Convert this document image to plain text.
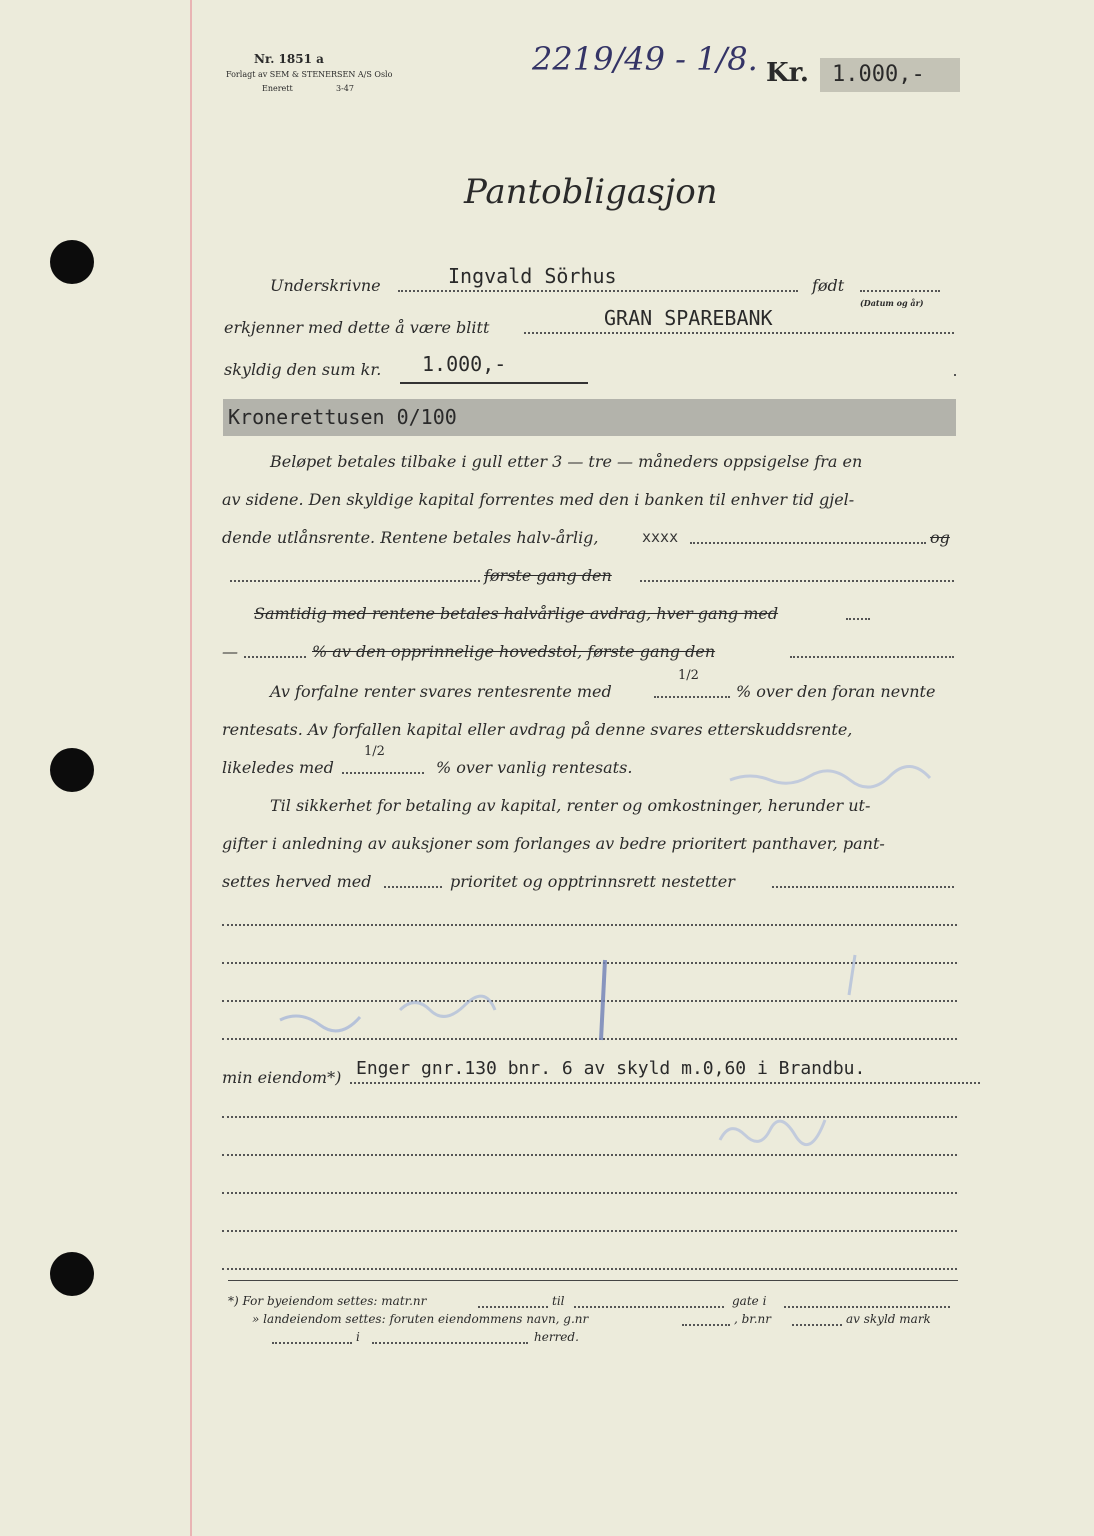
Nr. 1851 a
Forlagt av SEM & STENERSEN A/S Oslo
Enerett	3-47
2219/49 - 1/8. Kr.	1.000,-
Pantobligasjon
Underskrivne	Ingvald Sörhus	født
(Datum og år)
erkjenner med dette å være blitt	GRAN SPAREBANK
skyldig den sum kr. 1.000,-
Kronerettusen 0/100
Beløpet betales tilbake i gull etter 3 — tre — måneders oppsigelse fra en
av sidene. Den skyldige kapital forrentes med den i banken til enhver tid gjel-
dende utlånsrente. Rentene betales halv-årlig,	xxxx	og
første gang den
Samtidig med rentene betales halvårlige avdrag, hver gang med
—	% av den opprinnelige hovedstol, første gang den
Av forfalne renter svares rentesrente med
1/2
% over den foran nevnte
rentesats. Av forfallen kapital eller avdrag på denne svares etterskuddsrente,
likeledes med
1/2
% over vanlig rentesats.
Til sikkerhet for betaling av kapital, renter og omkostninger, herunder ut-
gifter i anledning av auksjoner som forlanges av bedre prioritert panthaver, pant-
settes herved med	prioritet og opptrinnsrett nestetter
min eiendom*) Enger gnr.130 bnr. 6 av skyld m.0,60 i Brandbu.
*) For byeiendom settes: matr.nr	til	gate i
» landeiendom settes: foruten eiendommens navn, g.nr	, br.nr	av skyld mark
i	herred.
